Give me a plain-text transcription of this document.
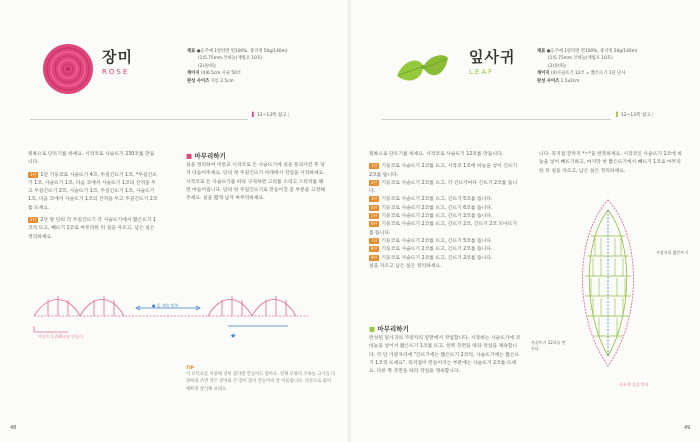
장미
ROSE
재료 ●옹쿠애 1항라면 면100%, 중지정 50g/140m)
(1)5.75mm 코바늘(재법포 10호)
(2)돗바늘
게이지 (4)6.5cm 사슬 50코
완성 사이즈 지름 2.5cm
▌ 12~13쪽 참고 |

원륙으로 단트기를 하세요. 시작코로 사슬뜨기 230코를 만듭니다.

1단 1단 기둥코로 사슬뜨기 4코, 두길긴뜨기 1코, *두길긴뜨기 1코, 사슬뜨기 1코, 다음 코에서 사슬뜨기 1코의 간격을 두고 두길긴뜨기 2코, 사슬뜨기 1코, 두길긴뜨기 1코, 사슬뜨기 1코, 다음 코에서 사슬뜨기 1코의 간격을 두고 두길긴뜨기 2코를 뜨세요.

2단 2단 말 단의 각 두길긴뜨기 각 사슬뜨기에서 짧은뜨기 1코씩 뜨고, 빼뜨기 1코로 마무리한 뒤 실을 자르고, 남은 실은 정리하세요.

■ 마무리하기
실을 정리하여 미통교 시작코로 돈 사슬뜨기에 실을 통과시킨 후 당겨 다듬어주세요. 단의 첫 두길긴뜨기 아래에서 작업을 시작하세요. 시작코로 돈 사슬뜨기를 따라 구직하면 고리를 소리고 스티치를 꿰면 마들어집니다. 단의 한 두길긴뜨기로 만들어진 꽃 부분을 고정해 주세요. 실을 짧게 남겨 마무리하세요.
● 돌 계속 반복
마들뜨기 230코를 만들어	★
TIP
이 모티프를 이용해 장미 꽃다발 만들어도 좋아요. 전체 모양의 코바늘 크기를 다양하게 쓰면 작은 장미와 큰 장미 꽃이 만들어져 잘 어울립니다. 리본으로 묶어 예쁘게 장식해 보세요.
48
잎사귀
LEAF
재료 ●옹쿠애 1항라면 면100%, 중지정 50g/140m)
(1)5.75mm 코바늘(재법포 10호)
(2)돗바늘
게이지 (4)사슬뜨기 12코 = 짧은뜨기 1단 단사
완성 사이즈 1.5x2cm
▌ 12~13쪽 참고 |

원륙으로 단트기를 하세요. 시작코로 사슬뜨기 12코를 만듭니다.

1단 기둥코로 사슬뜨기 2코를 뜨고, 시작코 1코에 바늘을 넣어 긴뜨기 2코를 뜹니다.
2단 기둥코로 사슬뜨기 2코를 뜨고, 각 긴뜨기마다 긴뜨기 2코를 뜹니다.
3단 기둥코로 사슬뜨기 2코를 뜨고, 긴뜨기 5코를 뜹니다.
4단 기둥코로 사슬뜨기 2코를 뜨고, 긴뜨기 6코를 뜹니다.
5단 기둥코로 사슬뜨기 2코를 뜨고, 긴뜨기 2코를 뜹니다.
6단 기둥코로 사슬뜨기 2코를 뜨고, 긴뜨기 2코, 긴뜨기 2코 모아뜨기를 뜹니다.
7단 기둥코로 사슬뜨기 2코를 뜨고, 긴뜨기 5코를 뜹니다.
8단 기둥코로 사슬뜨기 2코를 뜨고, 긴뜨기 2코를 뜹니다.
9단 기둥코로 사슬뜨기 2코를 뜨고, 긴뜨기 2코를 뜹니다.
실을 자르고 남은 실은 정리하세요.
■ 마무리하기
완성된 잎사귀의 가장자리 잎면에서 작업합니다. 시작하는 사슬뜨기에 코바늘을 넣어서 짧은뜨기 1코를 뜨고, 한쪽 측면을 따라 작업을 계속합니다. 각 단 가장자리에 "긴뜨기에는 짧은뜨기 2코씩, 사슬뜨기에는 짧은뜨기 1코씩 뜨세요". 꼭지점이 만들어지는 부분에는 사슬뜨기 2코를 뜨세요. 다른 쪽 측면을 따라 작업을 계속합니다.
니다. 꼭지점 끝까지 *~*을 반복하세요. 시작코인 사슬뜨기 1코에 바늘을 넣어 빼뜨기하고, 마지막 첫 짧은뜨기에서 빼뜨기 1코로 마무리한 뒤 실을 자르고, 남은 실은 정리하세요.
가장자리 짧은뜨기
사슬뜨기 12코를 만든다
초록색 실을 만다
49
